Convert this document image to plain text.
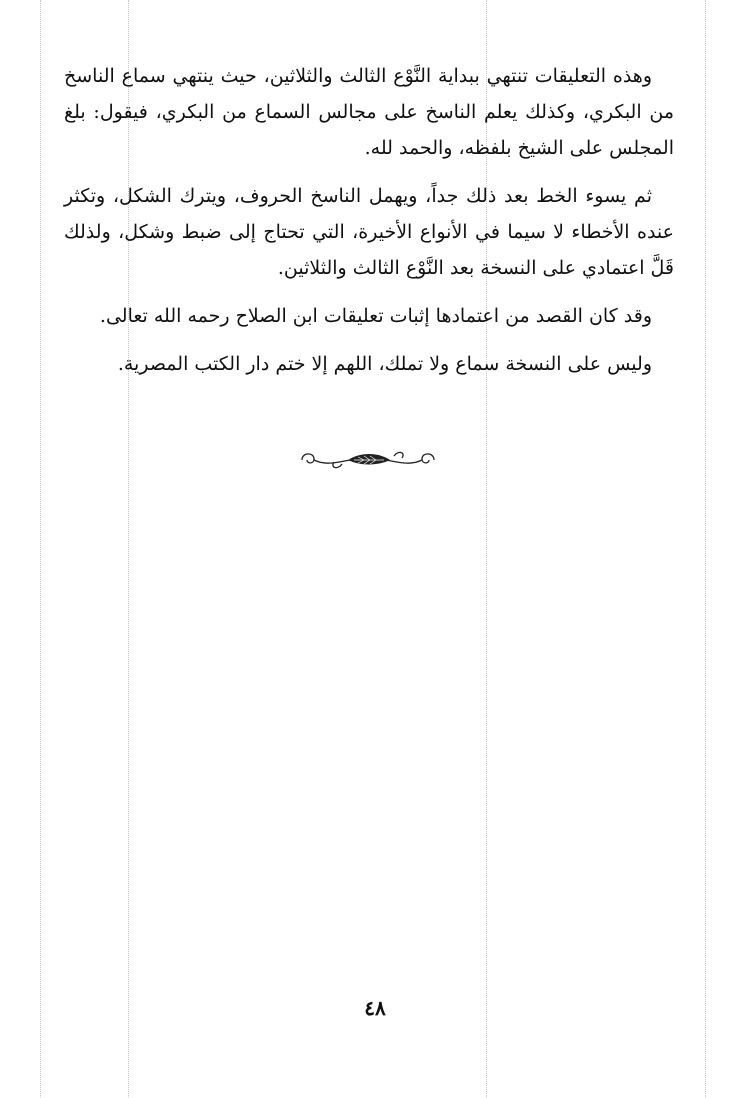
وهذه التعليقات تنتهي ببداية النَّوْع الثالث والثلاثين، حيث ينتهي سماع الناسخ من البكري، وكذلك يعلم الناسخ على مجالس السماع من البكري، فيقول: بلغ المجلس على الشيخ بلفظه، والحمد لله.

ثم يسوء الخط بعد ذلك جداً، ويهمل الناسخ الحروف، ويترك الشكل، وتكثر عنده الأخطاء لا سيما في الأنواع الأخيرة، التي تحتاج إلى ضبط وشكل، ولذلك قَلَّ اعتمادي على النسخة بعد النَّوْع الثالث والثلاثين.

وقد كان القصد من اعتمادها إثبات تعليقات ابن الصلاح رحمه الله تعالى.

وليس على النسخة سماع ولا تملك، اللهم إلا ختم دار الكتب المصرية.

٤٨
